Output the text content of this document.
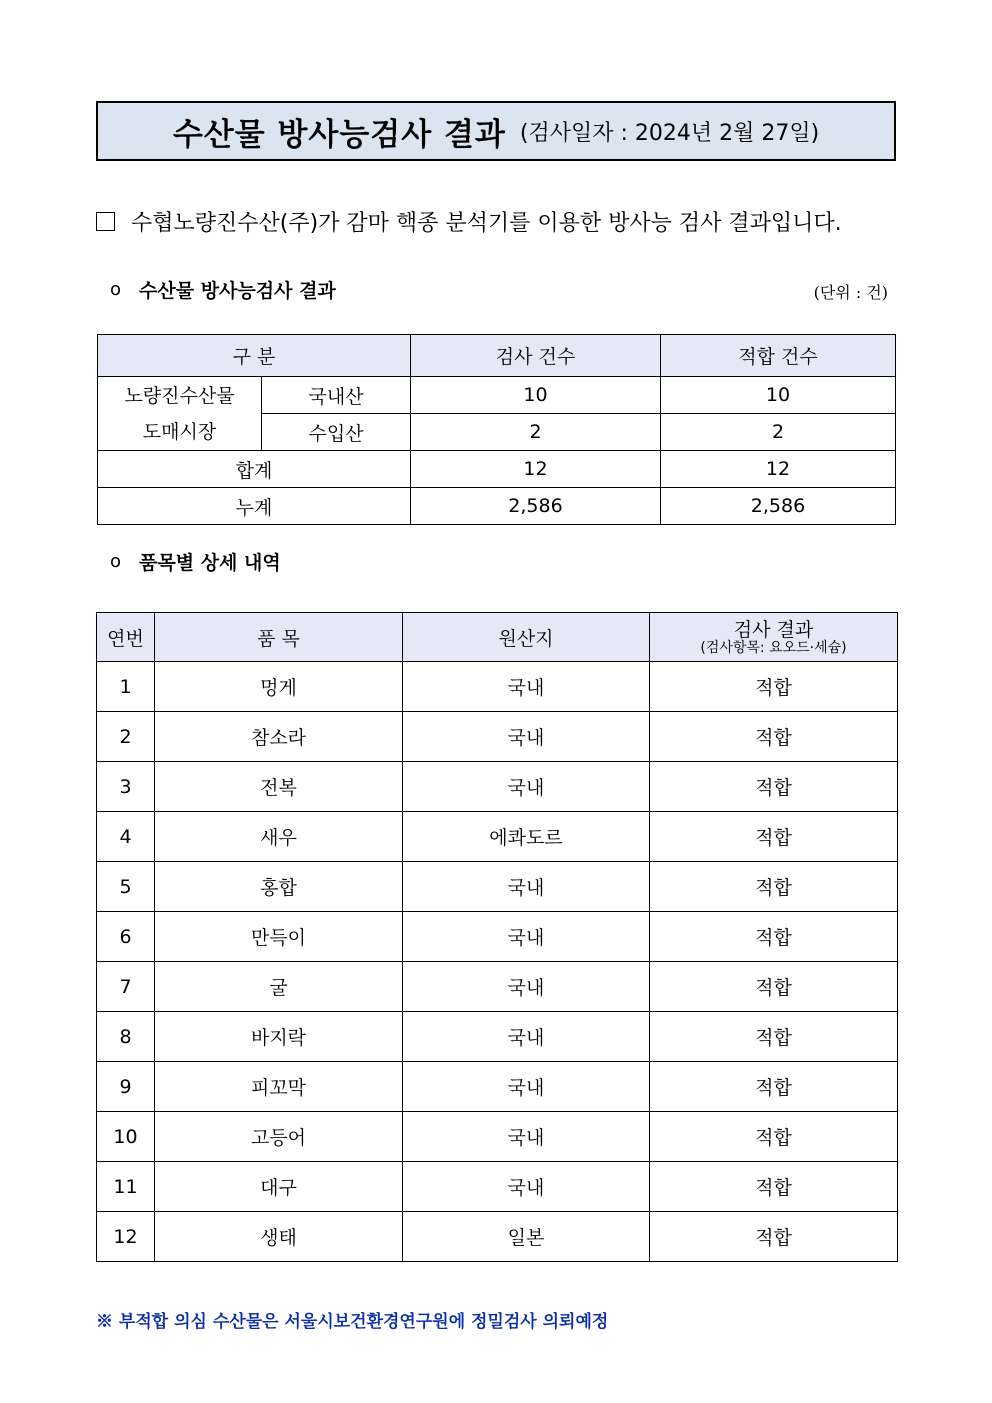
수산물 방사능검사 결과 (검사일자 : 2024년 2월 27일)
수협노량진수산(주)가 감마 핵종 분석기를 이용한 방사능 검사 결과입니다.
o 수산물 방사능검사 결과	(단위 : 건)
구 분		검사 건수	적합 건수
노량진수산물
도매시장	국내산	10	10
	수입산	2	2
합계		12	12
누계		2,586	2,586
o 품목별 상세 내역
연번	품 목	원산지	검사 결과
(검사항목: 요오드·세슘)

1	멍게	국내	적합
2	참소라	국내	적합
3	전복	국내	적합
4	새우	에콰도르	적합
5	홍합	국내	적합
6	만득이	국내	적합
7	굴	국내	적합
8	바지락	국내	적합
9	피꼬막	국내	적합
10	고등어	국내	적합
11	대구	국내	적합
12	생태	일본	적합
※ 부적합 의심 수산물은 서울시보건환경연구원에 정밀검사 의뢰예정
